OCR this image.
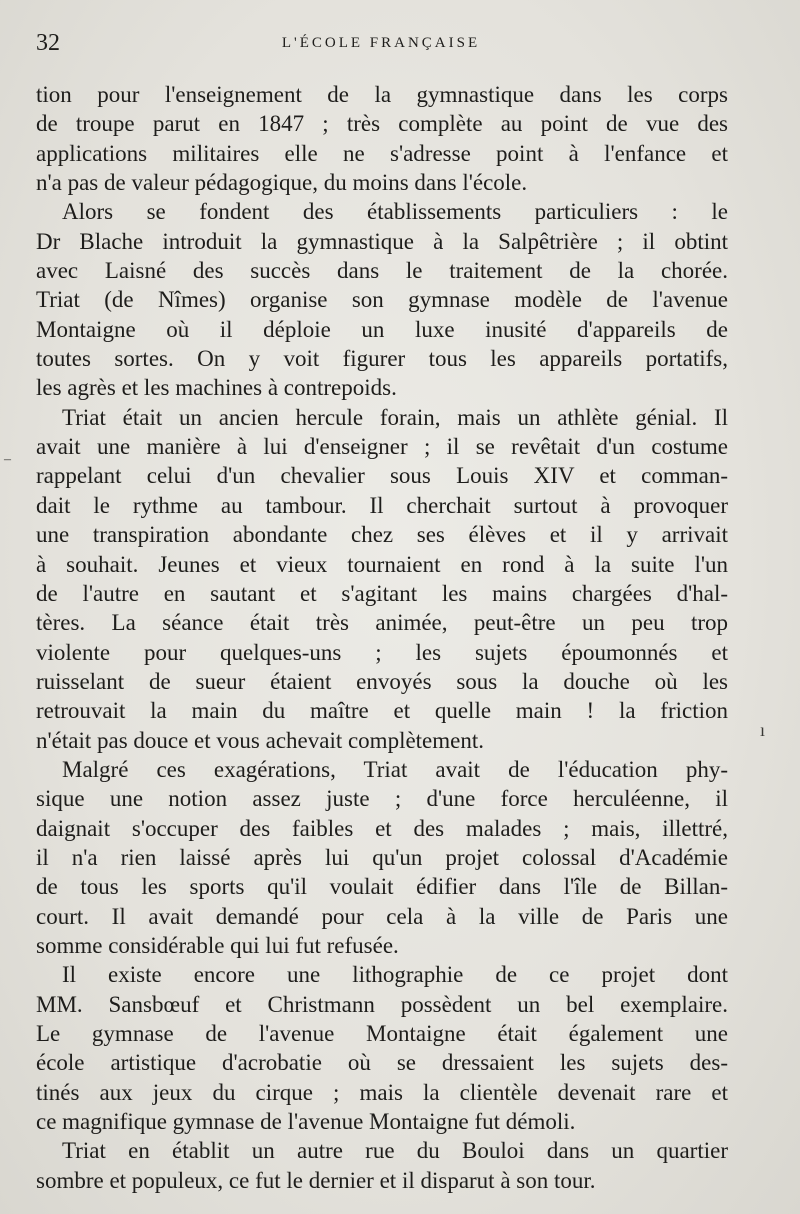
32	L'ÉCOLE FRANÇAISE
–
ı
tion pour l'enseignement de la gymnastique dans les corps
de troupe parut en 1847 ; très complète au point de vue des
applications militaires elle ne s'adresse point à l'enfance et
n'a pas de valeur pédagogique, du moins dans l'école.
Alors se fondent des établissements particuliers : le
Dr Blache introduit la gymnastique à la Salpêtrière ; il obtint
avec Laisné des succès dans le traitement de la chorée.
Triat (de Nîmes) organise son gymnase modèle de l'avenue
Montaigne où il déploie un luxe inusité d'appareils de
toutes sortes. On y voit figurer tous les appareils portatifs,
les agrès et les machines à contrepoids.
Triat était un ancien hercule forain, mais un athlète génial. Il
avait une manière à lui d'enseigner ; il se revêtait d'un costume
rappelant celui d'un chevalier sous Louis XIV et comman-
dait le rythme au tambour. Il cherchait surtout à provoquer
une transpiration abondante chez ses élèves et il y arrivait
à souhait. Jeunes et vieux tournaient en rond à la suite l'un
de l'autre en sautant et s'agitant les mains chargées d'hal-
tères. La séance était très animée, peut-être un peu trop
violente pour quelques-uns ; les sujets époumonnés et
ruisselant de sueur étaient envoyés sous la douche où les
retrouvait la main du maître et quelle main ! la friction
n'était pas douce et vous achevait complètement.
Malgré ces exagérations, Triat avait de l'éducation phy-
sique une notion assez juste ; d'une force herculéenne, il
daignait s'occuper des faibles et des malades ; mais, illettré,
il n'a rien laissé après lui qu'un projet colossal d'Académie
de tous les sports qu'il voulait édifier dans l'île de Billan-
court. Il avait demandé pour cela à la ville de Paris une
somme considérable qui lui fut refusée.
Il existe encore une lithographie de ce projet dont
MM. Sansbœuf et Christmann possèdent un bel exemplaire.
Le gymnase de l'avenue Montaigne était également une
école artistique d'acrobatie où se dressaient les sujets des-
tinés aux jeux du cirque ; mais la clientèle devenait rare et
ce magnifique gymnase de l'avenue Montaigne fut démoli.
Triat en établit un autre rue du Bouloi dans un quartier
sombre et populeux, ce fut le dernier et il disparut à son tour.
